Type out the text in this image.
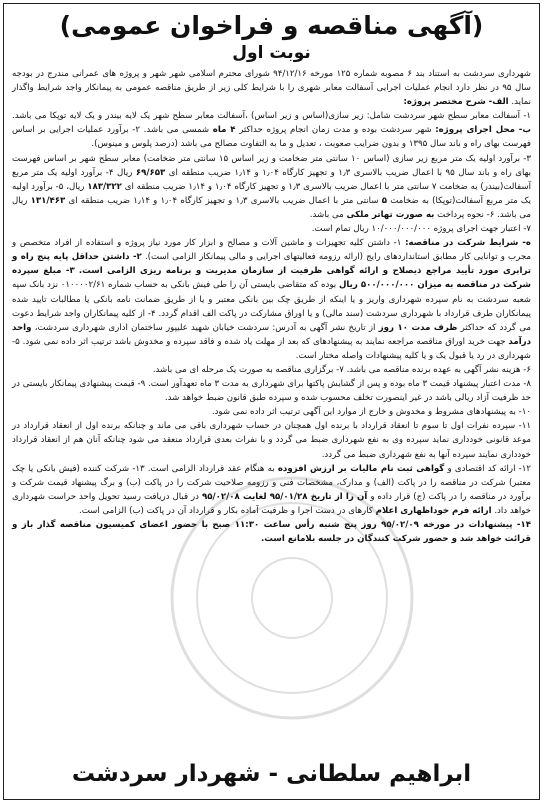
(آگهی مناقصه و فراخوان عمومی)
نوبت اول

شهرداری سردشت به استناد بند ۶ مصوبه شماره ۱۲۵ مورخه ۹۴/۱۲/۱۶ شورای محترم اسلامی شهر شهر و پروژه های عمرانی مندرج در بودجه سال ۹۵ در نظر دارد انجام عملیات اجرایی آسفالت معابر شهری را با شرایط کلی زیر از طریق مناقصه عمومی به پیمانکار واجد شرایط واگذار نماید. الف- شرح مختصر پروژه:

۱- آسفالت معابر سطح شهر سردشت شامل: زیر سازی(اساس و زیر اساس) ،آسفالت معابر سطح شهر یک لایه بیندر و یک لایه توپکا می باشد. ب- محل اجرای پروژه: شهر سردشت بوده و مدت زمان انجام پروژه حداکثر ۴ ماه شمسی می باشد. ۲- برآورد عملیات اجرایی بر اساس فهرست بهای راه و باند سال ۱۳۹۵ و بدون ضرایب صعوبت ، تعدیل و ما به التفاوت مصالح می باشد (درصد پلوس و مینوس).

۳- برآورد اولیه یک متر مربع زیر سازی (اساس ۱۰ سانتی متر ضخامت و زیر اساس ۱۵ سانتی متر ضخامت) معابر سطح شهر بر اساس فهرست بهای راه و باند سال ۹۵ با اعمال ضریب بالاسری ۱٫۳ و تجهیز کارگاه ۱٫۰۴ و ۱٫۱۴ ضریب منطقه ای ۶۹/۶۵۳ ریال ۴- برآورد اولیه یک متر مربع آسفالت(بیندر) به ضخامت ۷ سانتی متر با اعمال ضریب بالاسری ۱٫۳ و تجهیز کارگاه ۱٫۰۴ و ۱٫۱۴ ضریب منطقه ای ۱۸۳/۳۲۲ ریال، ۵- برآورد اولیه یک متر مربع آسفالت(توپکا) به ضخامت ۵ سانتی متر با اعمال ضریب بالاسری ۱٫۳ و تجهیز کارگاه ۱٫۰۴ و ۱٫۱۴ ضریب منطقه ای ۱۳۱/۴۶۳ ریال می باشد. ۶- نحوه پرداخت به صورت تهاتر ملکی می باشد.

۷- اعتبار جهت اجرای پروژه ۱۰/۰۰۰/۰۰۰/۰۰۰ ریال تمام است.

ه- شرایط شرکت در مناقصه: ۱- داشتن کلیه تجهیزات و ماشین آلات و مصالح و ابزار کار مورد نیاز پروژه و استفاده از افراد متخصص و مجرب و توانایی کار مطابق استانداردهای رایج (ارائه رزومه فعالیتهای اجرایی و مالی پیمانکار الزامی است). ۲- داشتن حداقل پایه پنج راه و ترابری مورد تأیید مراجع ذیصلاح و ارائه گواهی ظرفیت از سازمان مدیریت و برنامه ریزی الزامی است. ۳- مبلغ سپرده شرکت در مناقصه به میزان ۵۰۰/۰۰۰/۰۰۰ ریال بوده که متقاضی بایستی آن را طی فیش بانکی به حساب شماره ۰۱۰۰۰۰۲/۶۱ نزد بانک سپه شعبه سردشت به نام سپرده شهرداری واریز و یا اینکه از طریق چک بین بانکی معتبر و یا از طریق ضمانت نامه بانکی یا مطالبات تایید شده پیمانکاران طرف قرارداد با شهرداری سردشت (سند مالی) و یا اوراق مشارکت در پاکت الف اقدام گردد. ۴- از کلیه پیمانکاران واجد شرایط دعوت می گردد که حداکثر ظرف مدت ۱۰ روز از تاریخ نشر آگهی به آدرس: سردشت خیابان شهید علیپور ساختمان اداری شهرداری سردشت، واحد درآمد جهت خرید اوراق مناقصه مراجعه نمایند به پیشنهادهای که بعد از مهلت یاد شده و فاقد سپرده و مخدوش باشد ترتیب اثر داده نمی شود. ۵- شهرداری در رد یا قبول یک و یا کلیه پیشنهادات واصله مختار است.

۶- هزینه نشر آگهی به عهده برنده مناقصه می باشد. ۷- برگزاری مناقصه به صورت یک مرحله ای می باشد.

۸- مدت اعتبار پیشنهاد قیمت ۳ ماه بوده و پس از گشایش پاکتها برای شهرداری به مدت ۳ ماه تعهدآور است. ۹- قیمت پیشنهادی پیمانکار بایستی در حد ظرفیت آزاد ریالی باشد در غیر اینصورت تخلف محسوب شده و سپرده طبق قانون ضبط خواهد شد.

۱۰- به پیشنهادهای مشروط و مخدوش و خارج از موارد این آگهی ترتیب اثر داده نمی شود.

۱۱- سپرده نفرات اول تا سوم تا انعقاد قرارداد با برنده اول همچنان در حساب شهرداری باقی می ماند و چنانکه برنده اول از انعقاد قرارداد در موعد قانونی خودداری نماید سپرده وی به نفع شهرداری ضبط می گردد و با نفرات بعدی قرارداد منعقد می شود چنانکه آنان هم از انعقاد قرارداد خودداری نمایند سپرده آنها به نفع شهرداری ضبط می گردد.

۱۲- ارائه کد اقتصادی و گواهی ثبت نام مالیات بر ارزش افزوده به هنگام عقد قرارداد الزامی است. ۱۳- شرکت کننده (فیش بانکی یا چک معتبر) شرکت در مناقصه را در پاکت (الف) و مدارک، مشخصات فنی و رزومه صلاحیت شرکت را در پاکت (ب) و برگ پیشنهاد قیمت شرکت و برآورد در مناقصه را در پاکت (ج) قرار داده و آن را از تاریخ ۹۵/۰۱/۲۸ لغایت ۹۵/۰۲/۰۸ در قبال دریافت رسید تحویل واحد حراست شهرداری خواهد داد. ارائه فرم خوداظهاری اعلام کارهای در دست اجرا و ظرفیت آماده بکار و قرارداد آن در پاکت (ب) الزامی است.

۱۴- پیشنهادات در مورخه ۹۵/۰۲/۰۹ روز پنج شنبه رأس ساعت ۱۱:۳۰ صبح با حضور اعضای کمیسیون مناقصه گذار باز و قرائت خواهد شد و حضور شرکت کنندگان در جلسه بلامانع است.

ابراهیم سلطانی - شهردار سردشت
